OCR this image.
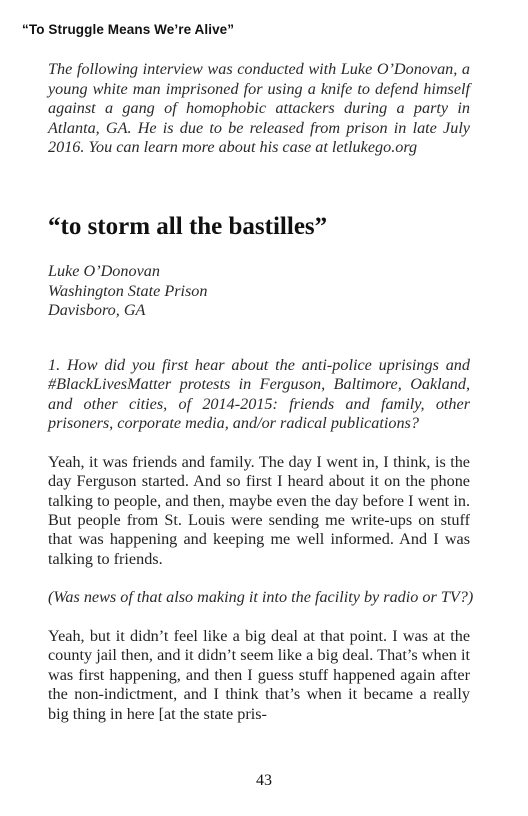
“To Struggle Means We’re Alive”
The following interview was conducted with Luke O’Donovan, a young white man imprisoned for using a knife to defend himself against a gang of homophobic attackers during a party in Atlanta, GA. He is due to be released from prison in late July 2016. You can learn more about his case at letlukego.org
“to storm all the bastilles”
Luke O’Donovan
Washington State Prison
Davisboro, GA

1. How did you first hear about the anti-police uprisings and #BlackLivesMatter protests in Ferguson, Baltimore, Oakland, and other cities, of 2014-2015: friends and family, other prisoners, corporate media, and/or radical publications?

Yeah, it was friends and family. The day I went in, I think, is the day Ferguson started. And so first I heard about it on the phone talking to people, and then, maybe even the day before I went in. But people from St. Louis were sending me write-ups on stuff that was happening and keeping me well informed. And I was talking to friends.

(Was news of that also making it into the facility by radio or TV?)

Yeah, but it didn’t feel like a big deal at that point. I was at the county jail then, and it didn’t seem like a big deal. That’s when it was first happening, and then I guess stuff happened again after the non-indictment, and I think that’s when it became a really big thing in here [at the state pris-

43
